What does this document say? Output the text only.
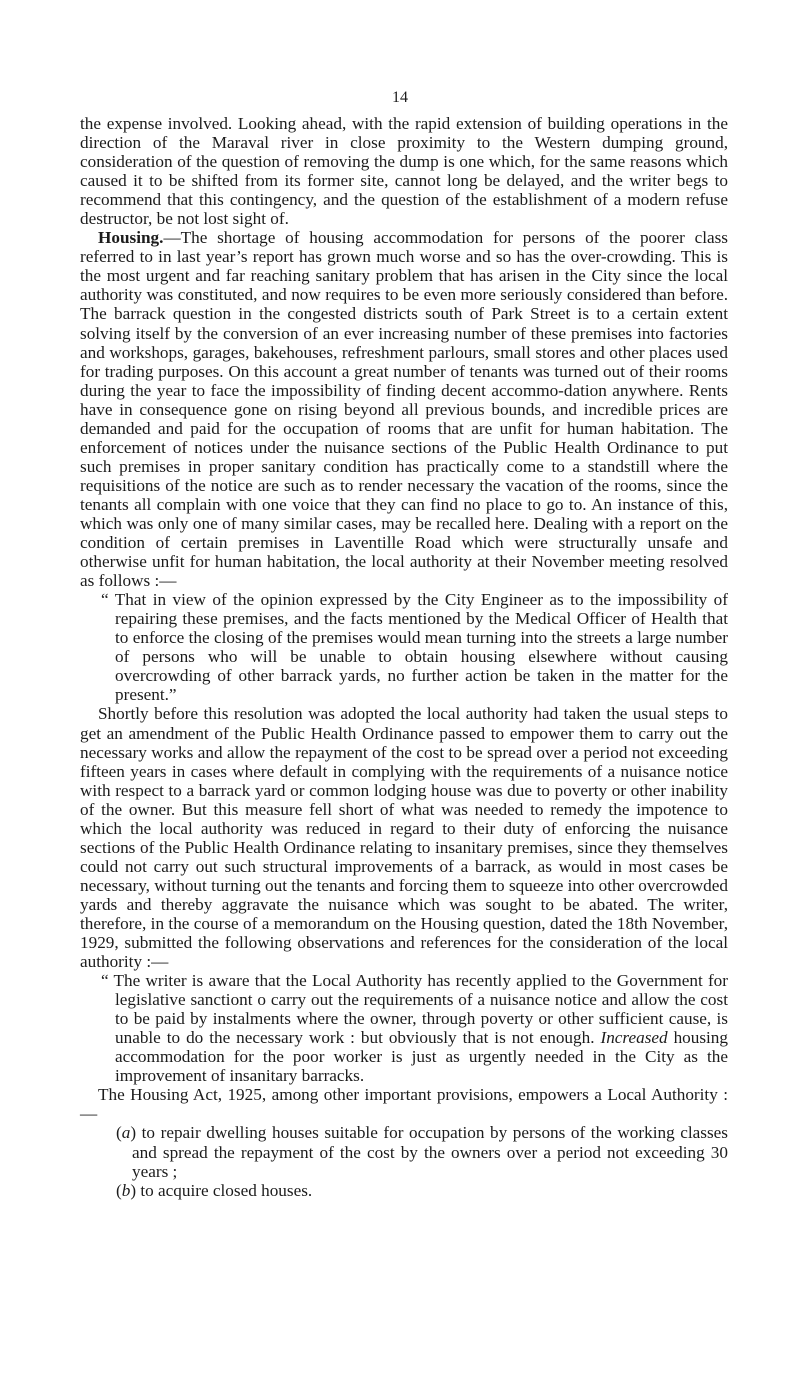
14

the expense involved. Looking ahead, with the rapid extension of building operations in the direction of the Maraval river in close proximity to the Western dumping ground, consideration of the question of removing the dump is one which, for the same reasons which caused it to be shifted from its former site, cannot long be delayed, and the writer begs to recommend that this contingency, and the question of the establishment of a modern refuse destructor, be not lost sight of.

Housing.—The shortage of housing accommodation for persons of the poorer class referred to in last year’s report has grown much worse and so has the over-crowding. This is the most urgent and far reaching sanitary problem that has arisen in the City since the local authority was constituted, and now requires to be even more seriously considered than before. The barrack question in the congested districts south of Park Street is to a certain extent solving itself by the conversion of an ever increasing number of these premises into factories and workshops, garages, bakehouses, refreshment parlours, small stores and other places used for trading purposes. On this account a great number of tenants was turned out of their rooms during the year to face the impossibility of finding decent accommo-dation anywhere. Rents have in consequence gone on rising beyond all previous bounds, and incredible prices are demanded and paid for the occupation of rooms that are unfit for human habitation. The enforcement of notices under the nuisance sections of the Public Health Ordinance to put such premises in proper sanitary condition has practically come to a standstill where the requisitions of the notice are such as to render necessary the vacation of the rooms, since the tenants all complain with one voice that they can find no place to go to. An instance of this, which was only one of many similar cases, may be recalled here. Dealing with a report on the condition of certain premises in Laventille Road which were structurally unsafe and otherwise unfit for human habitation, the local authority at their November meeting resolved as follows :—

“ That in view of the opinion expressed by the City Engineer as to the impossibility of repairing these premises, and the facts mentioned by the Medical Officer of Health that to enforce the closing of the premises would mean turning into the streets a large number of persons who will be unable to obtain housing elsewhere without causing overcrowding of other barrack yards, no further action be taken in the matter for the present.”

Shortly before this resolution was adopted the local authority had taken the usual steps to get an amendment of the Public Health Ordinance passed to empower them to carry out the necessary works and allow the repayment of the cost to be spread over a period not exceeding fifteen years in cases where default in complying with the requirements of a nuisance notice with respect to a barrack yard or common lodging house was due to poverty or other inability of the owner. But this measure fell short of what was needed to remedy the impotence to which the local authority was reduced in regard to their duty of enforcing the nuisance sections of the Public Health Ordinance relating to insanitary premises, since they themselves could not carry out such structural improvements of a barrack, as would in most cases be necessary, without turning out the tenants and forcing them to squeeze into other overcrowded yards and thereby aggravate the nuisance which was sought to be abated. The writer, therefore, in the course of a memorandum on the Housing question, dated the 18th November, 1929, submitted the following observations and references for the consideration of the local authority :—

“ The writer is aware that the Local Authority has recently applied to the Government for legislative sanctiont o carry out the requirements of a nuisance notice and allow the cost to be paid by instalments where the owner, through poverty or other sufficient cause, is unable to do the necessary work : but obviously that is not enough. Increased housing accommodation for the poor worker is just as urgently needed in the City as the improvement of insanitary barracks.

The Housing Act, 1925, among other important provisions, empowers a Local Authority :—

(a) to repair dwelling houses suitable for occupation by persons of the working classes and spread the repayment of the cost by the owners over a period not exceeding 30 years ;

(b) to acquire closed houses.
